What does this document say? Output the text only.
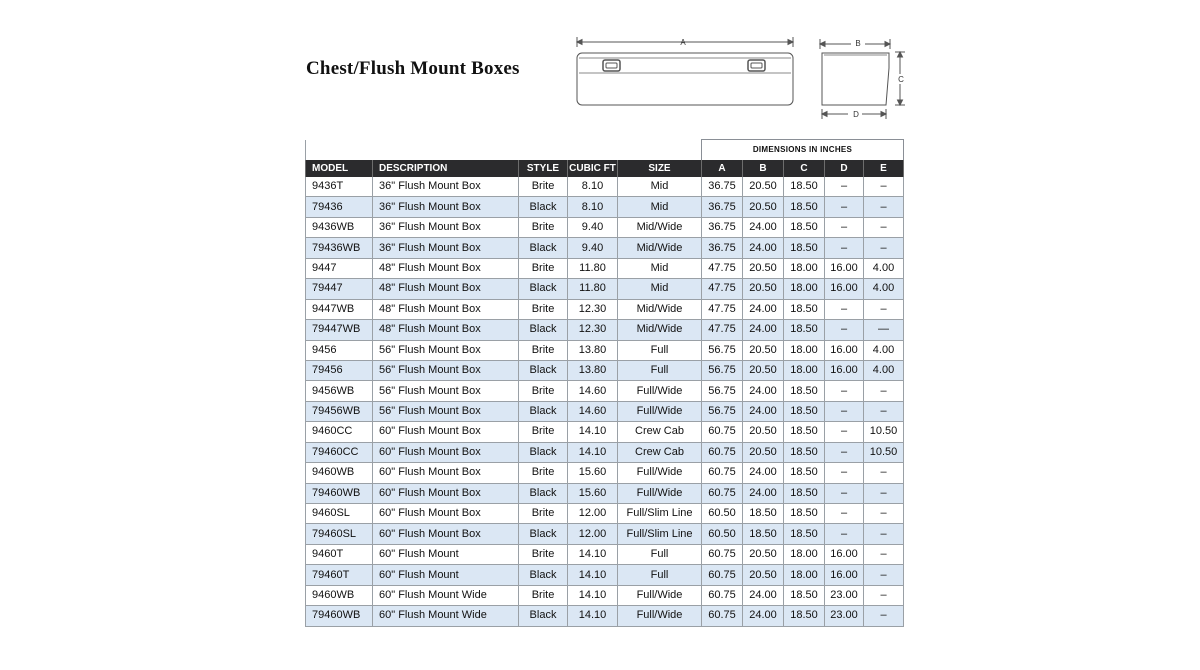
Chest/Flush Mount Boxes
A	B
C
D
					DIMENSIONS IN INCHES				
MODEL	DESCRIPTION	STYLE	CUBIC FT	SIZE	A	B	C	D	E
9436T	36" Flush Mount Box	Brite	8.10	Mid	36.75	20.50	18.50	–	–
79436	36" Flush Mount Box	Black	8.10	Mid	36.75	20.50	18.50	–	–
9436WB	36" Flush Mount Box	Brite	9.40	Mid/Wide	36.75	24.00	18.50	–	–
79436WB	36" Flush Mount Box	Black	9.40	Mid/Wide	36.75	24.00	18.50	–	–
9447	48" Flush Mount Box	Brite	11.80	Mid	47.75	20.50	18.00	16.00	4.00
79447	48" Flush Mount Box	Black	11.80	Mid	47.75	20.50	18.00	16.00	4.00
9447WB	48" Flush Mount Box	Brite	12.30	Mid/Wide	47.75	24.00	18.50	–	–
79447WB	48" Flush Mount Box	Black	12.30	Mid/Wide	47.75	24.00	18.50	–	—
9456	56" Flush Mount Box	Brite	13.80	Full	56.75	20.50	18.00	16.00	4.00
79456	56" Flush Mount Box	Black	13.80	Full	56.75	20.50	18.00	16.00	4.00
9456WB	56" Flush Mount Box	Brite	14.60	Full/Wide	56.75	24.00	18.50	–	–
79456WB	56" Flush Mount Box	Black	14.60	Full/Wide	56.75	24.00	18.50	–	–
9460CC	60" Flush Mount Box	Brite	14.10	Crew Cab	60.75	20.50	18.50	–	10.50
79460CC	60" Flush Mount Box	Black	14.10	Crew Cab	60.75	20.50	18.50	–	10.50
9460WB	60" Flush Mount Box	Brite	15.60	Full/Wide	60.75	24.00	18.50	–	–
79460WB	60" Flush Mount Box	Black	15.60	Full/Wide	60.75	24.00	18.50	–	–
9460SL	60" Flush Mount Box	Brite	12.00	Full/Slim Line	60.50	18.50	18.50	–	–
79460SL	60" Flush Mount Box	Black	12.00	Full/Slim Line	60.50	18.50	18.50	–	–
9460T	60" Flush Mount	Brite	14.10	Full	60.75	20.50	18.00	16.00	–
79460T	60" Flush Mount	Black	14.10	Full	60.75	20.50	18.00	16.00	–
9460WB	60" Flush Mount Wide	Brite	14.10	Full/Wide	60.75	24.00	18.50	23.00	–
79460WB	60" Flush Mount Wide	Black	14.10	Full/Wide	60.75	24.00	18.50	23.00	–
